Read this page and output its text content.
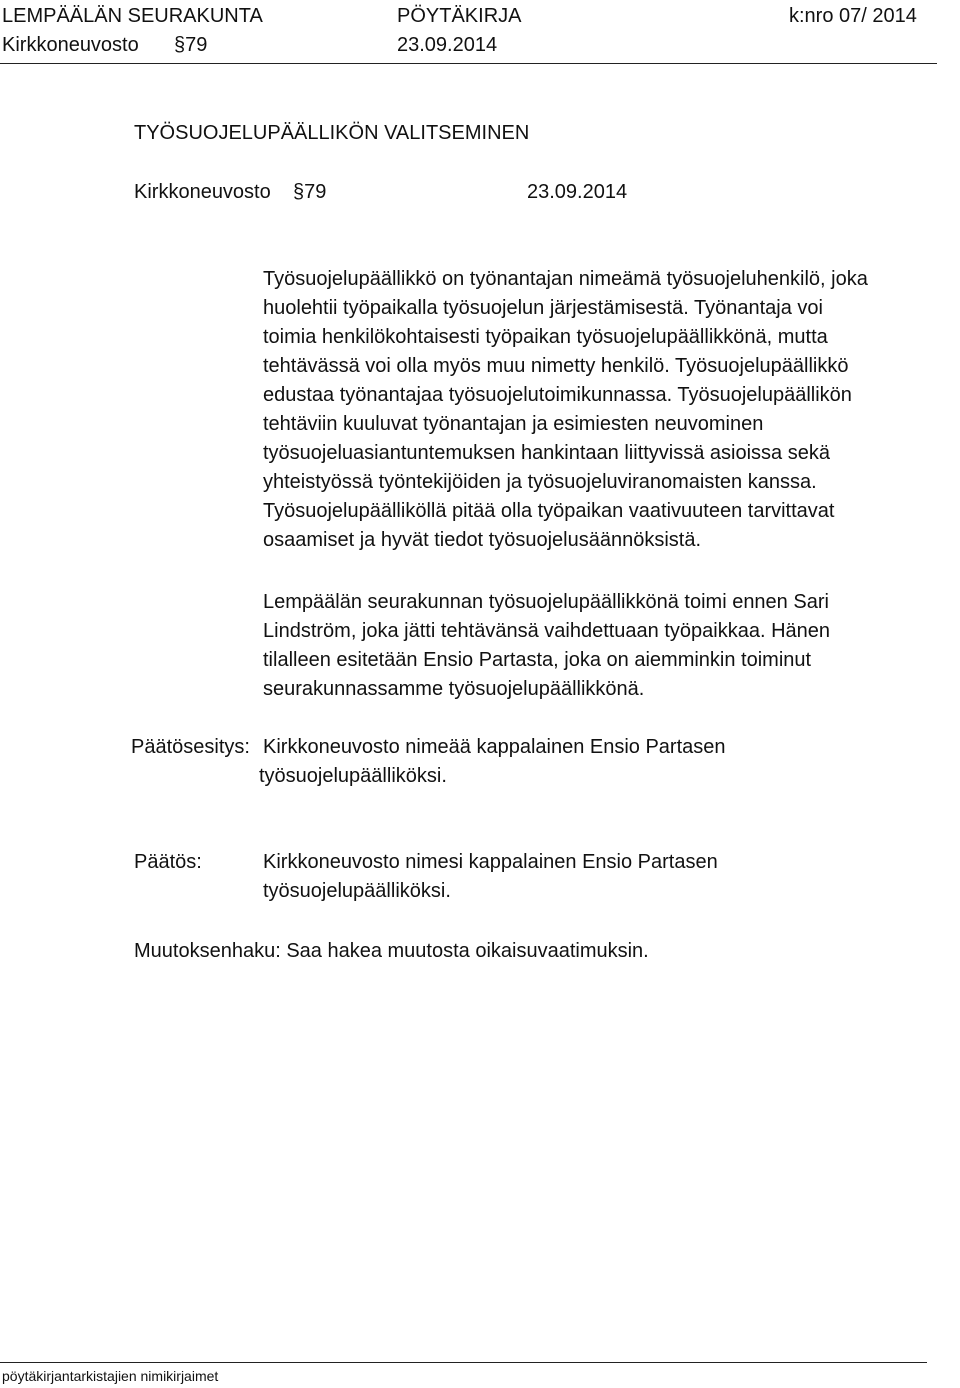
LEMPÄÄLÄN SEURAKUNTA	PÖYTÄKIRJA	k:nro 07/ 2014
Kirkkoneuvosto §79	23.09.2014
TYÖSUOJELUPÄÄLLIKÖN VALITSEMINEN
Kirkkoneuvosto §79	23.09.2014
Työsuojelupäällikkö on työnantajan nimeämä työsuojeluhenkilö, joka
huolehtii työpaikalla työsuojelun järjestämisestä. Työnantaja voi
toimia henkilökohtaisesti työpaikan työsuojelupäällikkönä, mutta
tehtävässä voi olla myös muu nimetty henkilö. Työsuojelupäällikkö
edustaa työnantajaa työsuojelutoimikunnassa. Työsuojelupäällikön
tehtäviin kuuluvat työnantajan ja esimiesten neuvominen
työsuojeluasiantuntemuksen hankintaan liittyvissä asioissa sekä
yhteistyössä työntekijöiden ja työsuojeluviranomaisten kanssa.
Työsuojelupäälliköllä pitää olla työpaikan vaativuuteen tarvittavat
osaamiset ja hyvät tiedot työsuojelusäännöksistä.
Lempäälän seurakunnan työsuojelupäällikkönä toimi ennen Sari
Lindström, joka jätti tehtävänsä vaihdettuaan työpaikkaa. Hänen
tilalleen esitetään Ensio Partasta, joka on aiemminkin toiminut
seurakunnassamme työsuojelupäällikkönä.
Päätösesitys: Kirkkoneuvosto nimeää kappalainen Ensio Partasen
työsuojelupäälliköksi.
Päätös:	Kirkkoneuvosto nimesi kappalainen Ensio Partasen
työsuojelupäälliköksi.
Muutoksenhaku: Saa hakea muutosta oikaisuvaatimuksin.
pöytäkirjantarkistajien nimikirjaimet
